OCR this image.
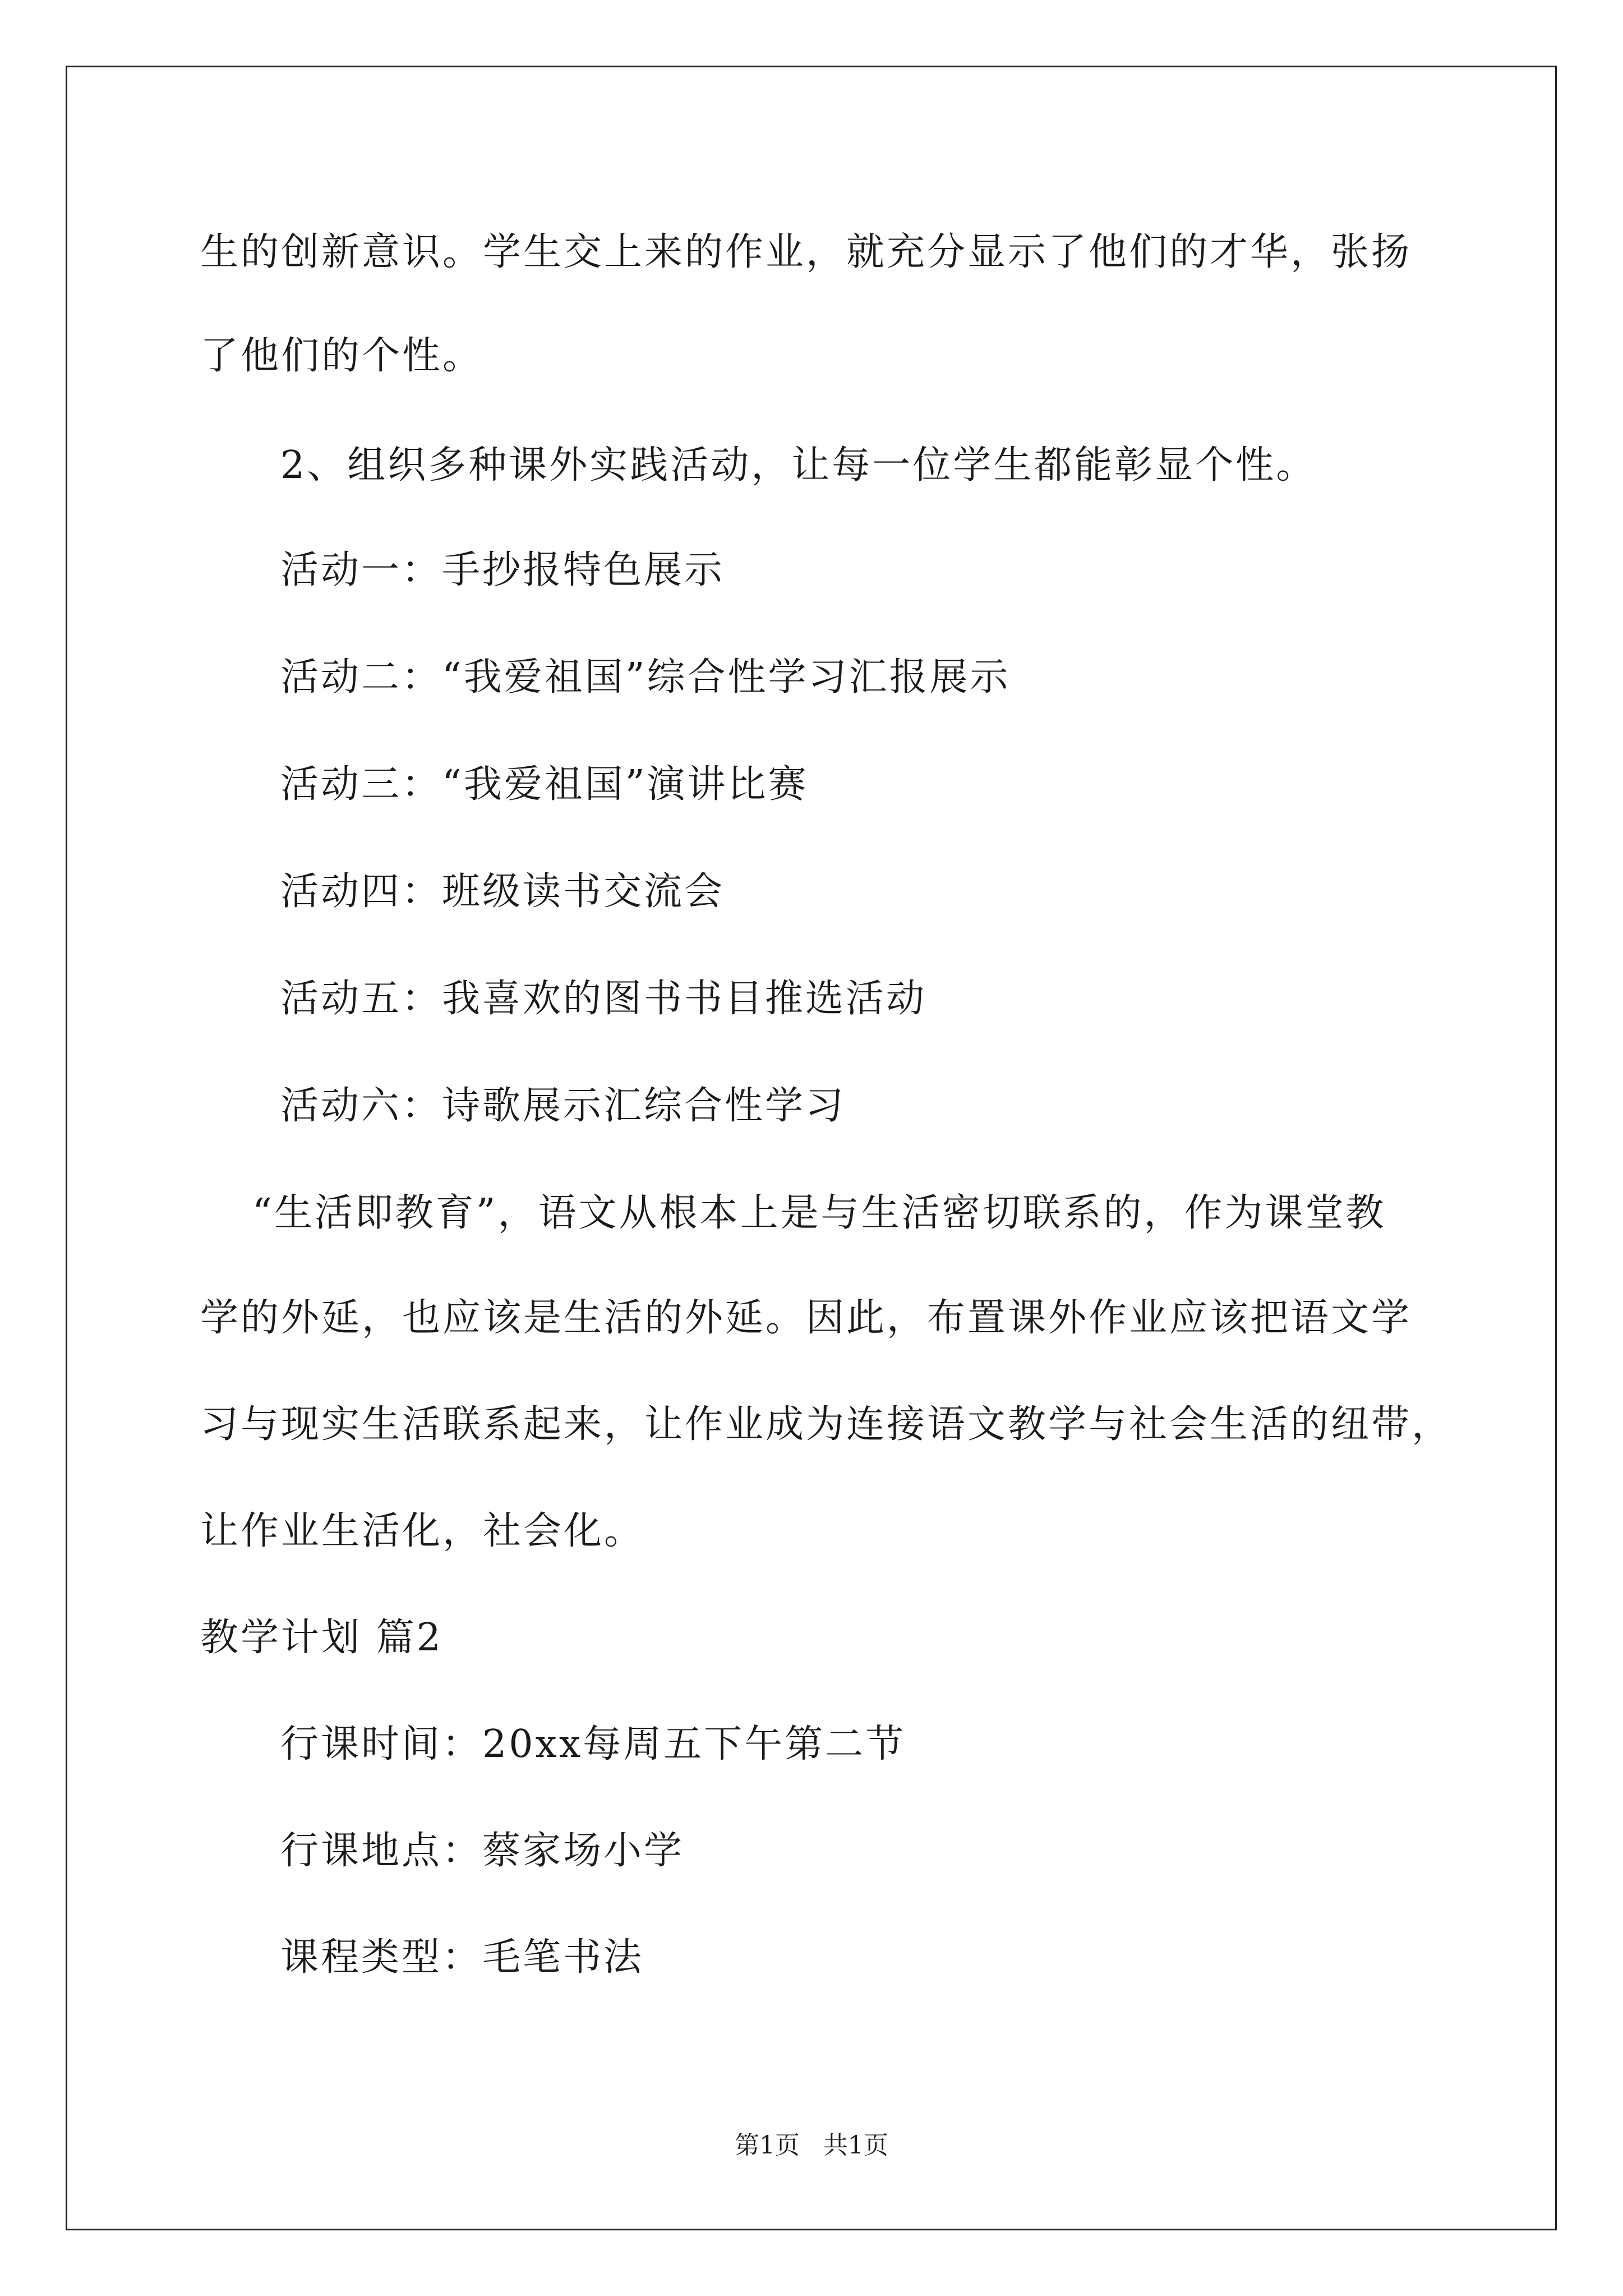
生的创新意识。学生交上来的作业，就充分显示了他们的才华，张扬
了他们的个性。
2、组织多种课外实践活动，让每一位学生都能彰显个性。
活动一：手抄报特色展示
活动二：“我爱祖国”综合性学习汇报展示
活动三：“我爱祖国”演讲比赛
活动四：班级读书交流会
活动五：我喜欢的图书书目推选活动
活动六：诗歌展示汇综合性学习
“生活即教育”，语文从根本上是与生活密切联系的，作为课堂教
学的外延，也应该是生活的外延。因此，布置课外作业应该把语文学
习与现实生活联系起来，让作业成为连接语文教学与社会生活的纽带，
让作业生活化，社会化。
教学计划 篇2
行课时间：20xx每周五下午第二节
行课地点：蔡家场小学
课程类型：毛笔书法
第1页   共1页
